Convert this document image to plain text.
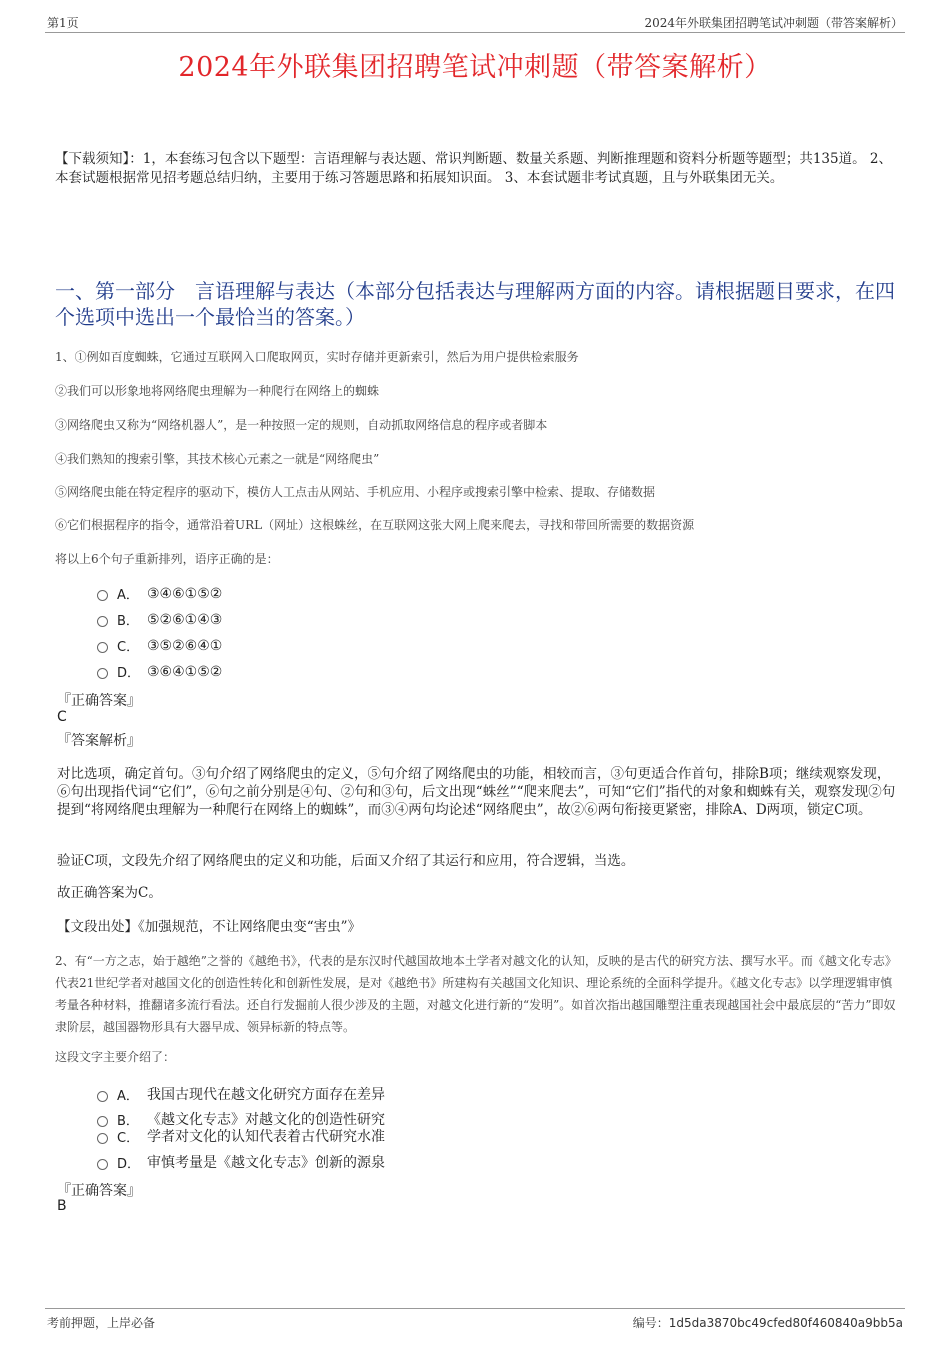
第1页	2024年外联集团招聘笔试冲刺题（带答案解析）
2024年外联集团招聘笔试冲刺题（带答案解析）
【下载须知】：1，本套练习包含以下题型：言语理解与表达题、常识判断题、数量关系题、判断推理题和资料分析题等题型；共135道。 2、本套试题根据常见招考题总结归纳，主要用于练习答题思路和拓展知识面。 3、本套试题非考试真题，且与外联集团无关。
一、第一部分　言语理解与表达（本部分包括表达与理解两方面的内容。请根据题目要求，在四个选项中选出一个最恰当的答案。）
1、①例如百度蜘蛛，它通过互联网入口爬取网页，实时存储并更新索引，然后为用户提供检索服务
②我们可以形象地将网络爬虫理解为一种爬行在网络上的蜘蛛
③网络爬虫又称为“网络机器人”，是一种按照一定的规则，自动抓取网络信息的程序或者脚本
④我们熟知的搜索引擎，其技术核心元素之一就是“网络爬虫”
⑤网络爬虫能在特定程序的驱动下，模仿人工点击从网站、手机应用、小程序或搜索引擎中检索、提取、存储数据
⑥它们根据程序的指令，通常沿着URL（网址）这根蛛丝，在互联网这张大网上爬来爬去，寻找和带回所需要的数据资源
将以上6个句子重新排列，语序正确的是：
A． ③④⑥①⑤②
B． ⑤②⑥①④③
C． ③⑤②⑥④①
D． ③⑥④①⑤②
『正确答案』
C
『答案解析』
对比选项，确定首句。③句介绍了网络爬虫的定义，⑤句介绍了网络爬虫的功能，相较而言，③句更适合作首句，排除B项；继续观察发现，⑥句出现指代词“它们”，⑥句之前分别是④句、②句和③句，后文出现“蛛丝”“爬来爬去”，可知“它们”指代的对象和蜘蛛有关，观察发现②句提到“将网络爬虫理解为一种爬行在网络上的蜘蛛”，而③④两句均论述“网络爬虫”，故②⑥两句衔接更紧密，排除A、D两项，锁定C项。
验证C项，文段先介绍了网络爬虫的定义和功能，后面又介绍了其运行和应用，符合逻辑，当选。
故正确答案为C。
【文段出处】《加强规范，不让网络爬虫变“害虫”》
2、有“一方之志，始于越绝”之誉的《越绝书》，代表的是东汉时代越国故地本土学者对越文化的认知，反映的是古代的研究方法、撰写水平。而《越文化专志》代表21世纪学者对越国文化的创造性转化和创新性发展，是对《越绝书》所建构有关越国文化知识、理论系统的全面科学提升。《越文化专志》以学理逻辑审慎考量各种材料，推翻诸多流行看法。还自行发掘前人很少涉及的主题，对越文化进行新的“发明”。如首次指出越国雕塑注重表现越国社会中最底层的“苦力”即奴隶阶层，越国器物形具有大器早成、领异标新的特点等。
这段文字主要介绍了：
A． 我国古现代在越文化研究方面存在差异
B． 《越文化专志》对越文化的创造性研究
C． 学者对文化的认知代表着古代研究水准
D． 审慎考量是《越文化专志》创新的源泉
『正确答案』
B
考前押题，上岸必备	编号：1d5da3870bc49cfed80f460840a9bb5a
